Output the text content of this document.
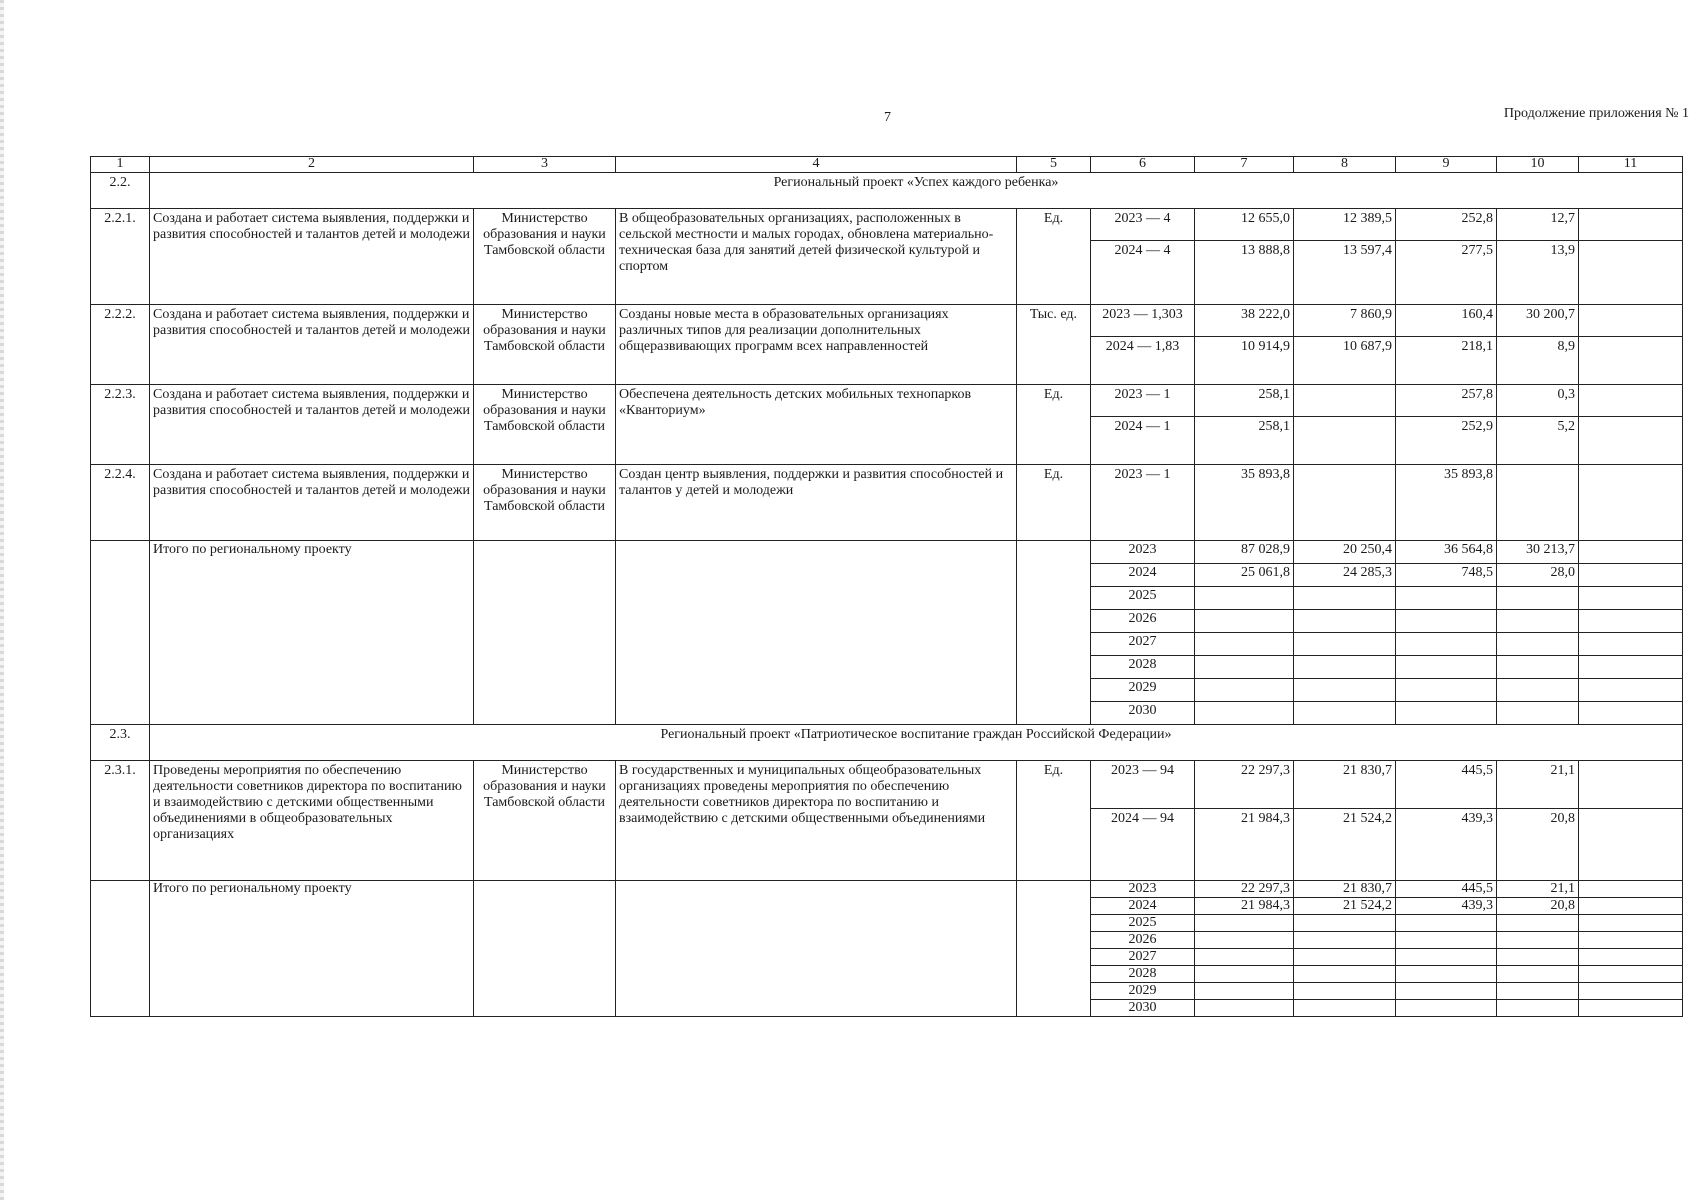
7	Продолжение приложения № 1
1	2	3	4	5	6	7	8	9	10	11
2.2.	Региональный проект «Успех каждого ребенка»									
2.2.1.	Создана и работает система выявления, поддержки и развития способностей и талантов детей и молодежи	Министерство образования и науки Тамбовской области	В общеобразовательных организациях, расположенных в сельской местности и малых городах, обновлена материально-техническая база для занятий детей физической культурой и спортом	Ед.	2023 — 4	12 655,0	12 389,5	252,8	12,7	
					2024 — 4	13 888,8	13 597,4	277,5	13,9	
2.2.2.	Создана и работает система выявления, поддержки и развития способностей и талантов детей и молодежи	Министерство образования и науки Тамбовской области	Созданы новые места в образовательных организациях различных типов для реализации дополнительных общеразвивающих программ всех направленностей	Тыс. ед.	2023 — 1,303	38 222,0	7 860,9	160,4	30 200,7	
					2024 — 1,83	10 914,9	10 687,9	218,1	8,9	
2.2.3.	Создана и работает система выявления, поддержки и развития способностей и талантов детей и молодежи	Министерство образования и науки Тамбовской области	Обеспечена деятельность детских мобильных технопарков «Кванториум»	Ед.	2023 — 1	258,1		257,8	0,3	
					2024 — 1	258,1		252,9	5,2	
2.2.4.	Создана и работает система выявления, поддержки и развития способностей и талантов детей и молодежи	Министерство образования и науки Тамбовской области	Создан центр выявления, поддержки и развития способностей и талантов у детей и молодежи	Ед.	2023 — 1	35 893,8		35 893,8		
	Итого по региональному проекту				2023	87 028,9	20 250,4	36 564,8	30 213,7	
					2024	25 061,8	24 285,3	748,5	28,0	
					2025					
					2026					
					2027					
					2028					
					2029					
					2030					
2.3.	Региональный проект «Патриотическое воспитание граждан Российской Федерации»									
2.3.1.	Проведены мероприятия по обеспечению деятельности советников директора по воспитанию и взаимодействию с детскими общественными объединениями в общеобразовательных организациях	Министерство образования и науки Тамбовской области	В государственных и муниципальных общеобразовательных организациях проведены мероприятия по обеспечению деятельности советников директора по воспитанию и взаимодействию с детскими общественными объединениями	Ед.	2023 — 94	22 297,3	21 830,7	445,5	21,1	
					2024 — 94	21 984,3	21 524,2	439,3	20,8	
	Итого по региональному проекту				2023	22 297,3	21 830,7	445,5	21,1	
					2024	21 984,3	21 524,2	439,3	20,8	
					2025					
					2026					
					2027					
					2028					
					2029					
					2030					
